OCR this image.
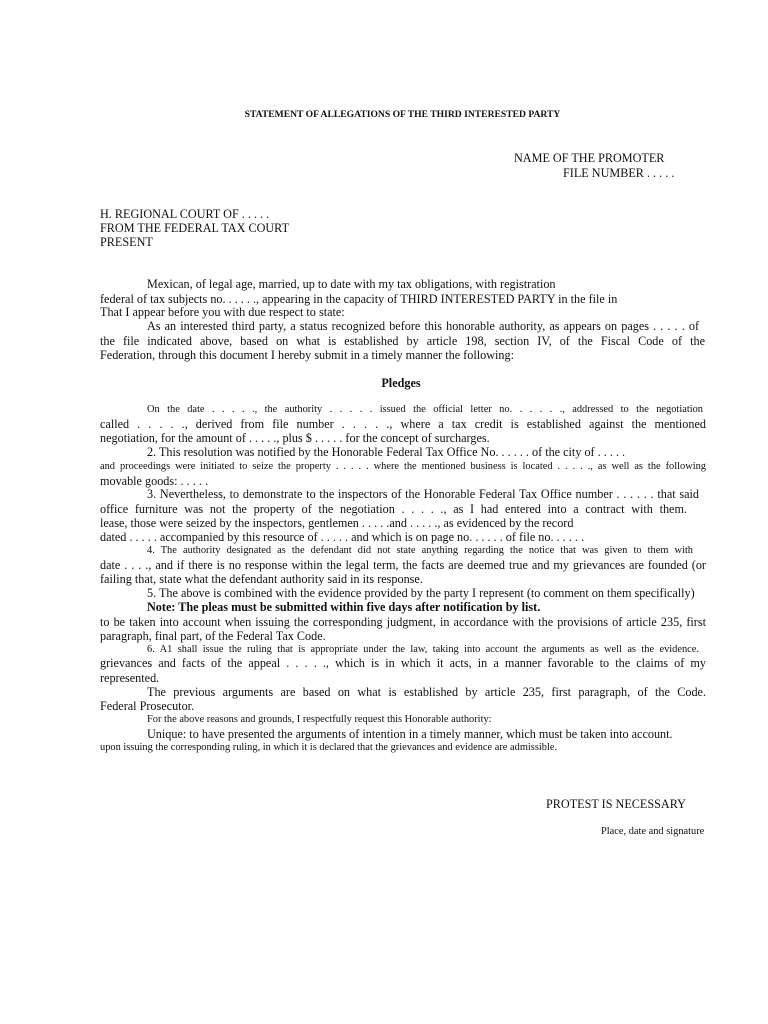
STATEMENT OF ALLEGATIONS OF THE THIRD INTERESTED PARTY
NAME OF THE PROMOTER
FILE NUMBER . . . . .
H. REGIONAL COURT OF . . . . .
FROM THE FEDERAL TAX COURT
PRESENT
Mexican, of legal age, married, up to date with my tax obligations, with registration
federal of tax subjects no. . . . . ., appearing in the capacity of THIRD INTERESTED PARTY in the file in
That I appear before you with due respect to state:
As an interested third party, a status recognized before this honorable authority, as appears on pages . . . . . of
the file indicated above, based on what is established by article 198, section IV, of the Fiscal Code of the
Federation, through this document I hereby submit in a timely manner the following:
Pledges
On the date . . . . ., the authority . . . . . issued the official letter no. . . . . ., addressed to the negotiation
called . . . . ., derived from file number . . . . ., where a tax credit is established against the mentioned
negotiation, for the amount of . . . . ., plus $ . . . . . for the concept of surcharges.
2. This resolution was notified by the Honorable Federal Tax Office No. . . . . . of the city of . . . . .
and proceedings were initiated to seize the property . . . . . where the mentioned business is located . . . . ., as well as the following
movable goods: . . . . .
3. Nevertheless, to demonstrate to the inspectors of the Honorable Federal Tax Office number . . . . . . that said
office furniture was not the property of the negotiation . . . . ., as I had entered into a contract with them.
lease, those were seized by the inspectors, gentlemen . . . . .and . . . . ., as evidenced by the record
dated . . . . . accompanied by this resource of . . . . . and which is on page no. . . . . . of file no. . . . . .
4. The authority designated as the defendant did not state anything regarding the notice that was given to them with
date . . . ., and if there is no response within the legal term, the facts are deemed true and my grievances are founded (or
failing that, state what the defendant authority said in its response.
5. The above is combined with the evidence provided by the party I represent (to comment on them specifically)
Note: The pleas must be submitted within five days after notification by list.
to be taken into account when issuing the corresponding judgment, in accordance with the provisions of article 235, first
paragraph, final part, of the Federal Tax Code.
6. A1 shall issue the ruling that is appropriate under the law, taking into account the arguments as well as the evidence.
grievances and facts of the appeal . . . . ., which is in which it acts, in a manner favorable to the claims of my
represented.
The previous arguments are based on what is established by article 235, first paragraph, of the Code.
Federal Prosecutor.
For the above reasons and grounds, I respectfully request this Honorable authority:
Unique: to have presented the arguments of intention in a timely manner, which must be taken into account.
upon issuing the corresponding ruling, in which it is declared that the grievances and evidence are admissible.
PROTEST IS NECESSARY
Place, date and signature
